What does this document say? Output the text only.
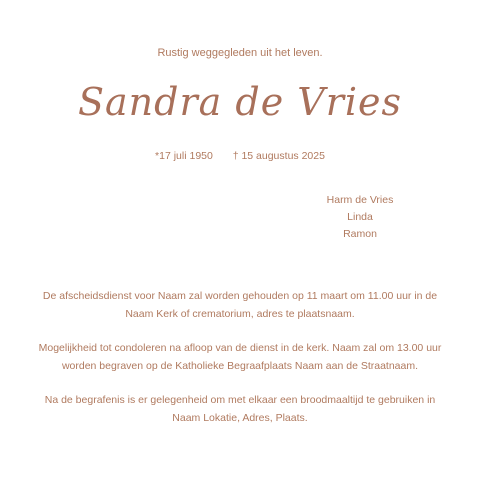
Rustig weggegleden uit het leven.
Sandra de Vries
*17 juli 1950 † 15 augustus 2025
Harm de Vries
Linda
Ramon

De afscheidsdienst voor Naam zal worden gehouden op 11 maart om 11.00 uur in de Naam Kerk of crematorium, adres te plaatsnaam.

Mogelijkheid tot condoleren na afloop van de dienst in de kerk. Naam zal om 13.00 uur worden begraven op de Katholieke Begraafplaats Naam aan de Straatnaam.

Na de begrafenis is er gelegenheid om met elkaar een broodmaaltijd te gebruiken in Naam Lokatie, Adres, Plaats.
